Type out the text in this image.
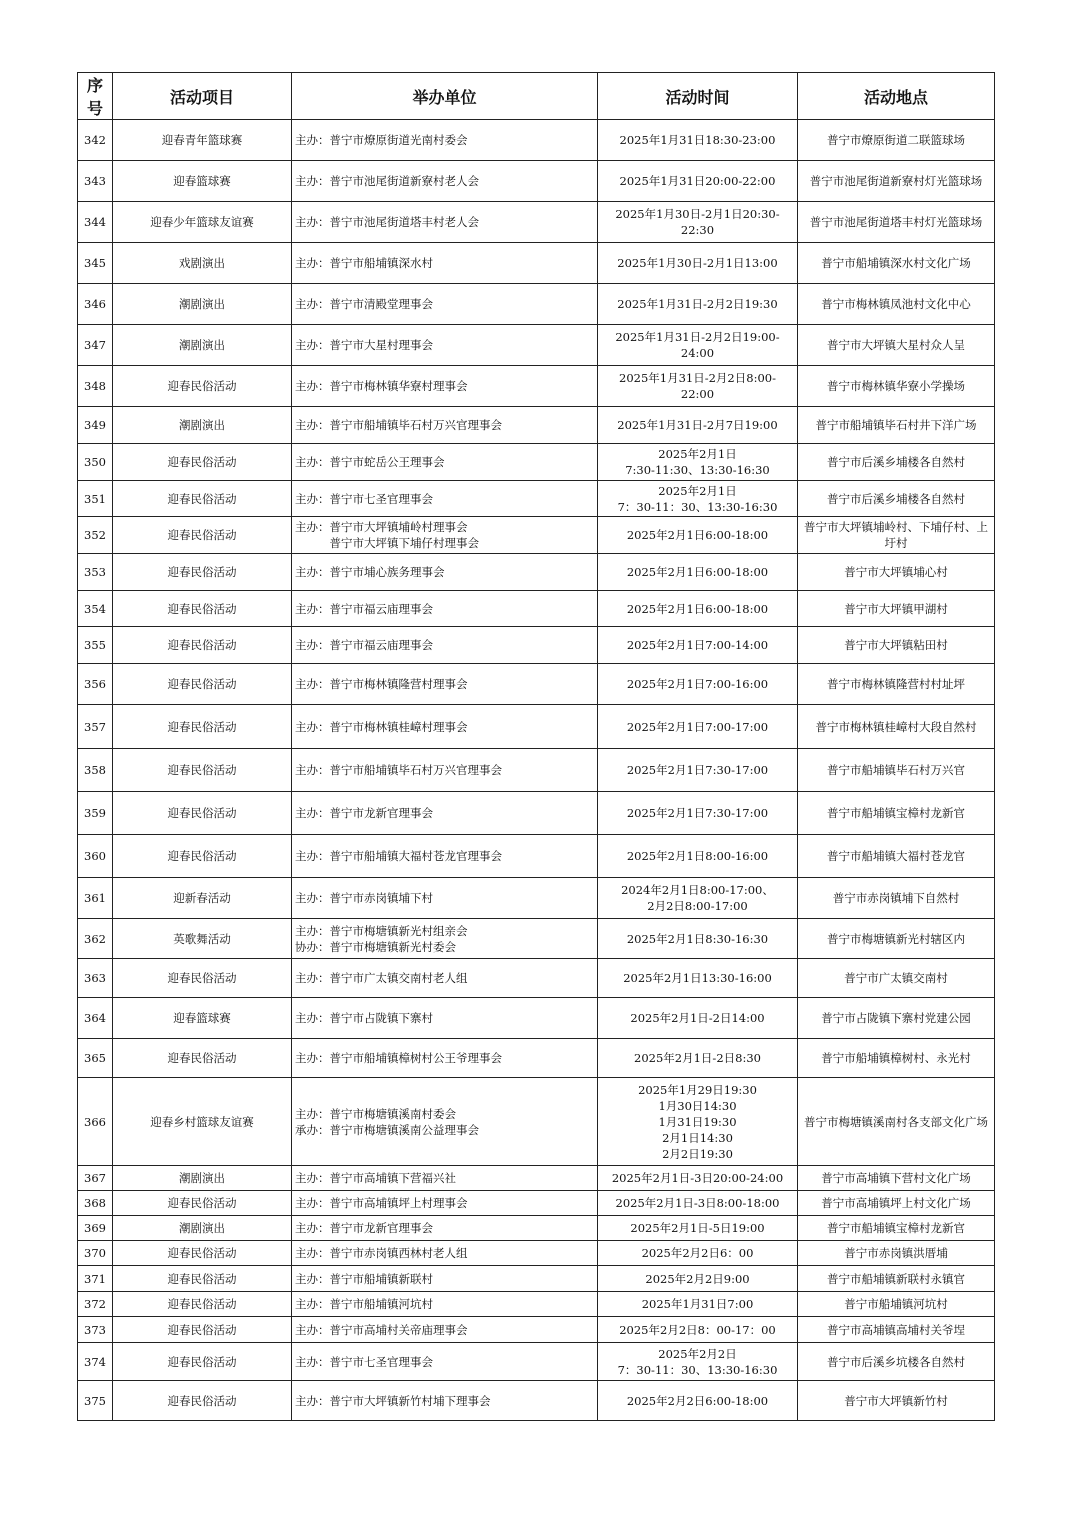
序号	活动项目	举办单位	活动时间	活动地点
342	迎春青年篮球赛	主办：普宁市燎原街道光南村委会	2025年1月31日18:30-23:00	普宁市燎原街道二联篮球场

343	迎春篮球赛	主办：普宁市池尾街道新寮村老人会	2025年1月31日20:00-22:00	普宁市池尾街道新寮村灯光篮球场

344	迎春少年篮球友谊赛	主办：普宁市池尾街道塔丰村老人会	2025年1月30日-2月1日20:30-
22:30	普宁市池尾街道塔丰村灯光篮球场

345	戏剧演出	主办：普宁市船埔镇深水村	2025年1月30日-2月1日13:00	普宁市船埔镇深水村文化广场

346	潮剧演出	主办：普宁市清殿堂理事会	2025年1月31日-2月2日19:30	普宁市梅林镇凤池村文化中心

347	潮剧演出	主办：普宁市大星村理事会	2025年1月31日-2月2日19:00-
24:00	普宁市大坪镇大星村众人呈

348	迎春民俗活动	主办：普宁市梅林镇华寮村理事会	2025年1月31日-2月2日8:00-
22:00	普宁市梅林镇华寮小学操场

349	潮剧演出	主办：普宁市船埔镇毕石村万兴官理事会	2025年1月31日-2月7日19:00	普宁市船埔镇毕石村井下洋广场

350	迎春民俗活动	主办：普宁市蛇岳公王理事会	2025年2月1日
7:30-11:30、13:30-16:30	普宁市后溪乡埔楼各自然村

351	迎春民俗活动	主办：普宁市七圣官理事会	2025年2月1日
7：30-11：30、13:30-16:30	普宁市后溪乡埔楼各自然村

352	迎春民俗活动	主办：普宁市大坪镇埔岭村理事会
　　　普宁市大坪镇下埔仔村理事会	2025年2月1日6:00-18:00	普宁市大坪镇埔岭村、下埔仔村、上圩村

353	迎春民俗活动	主办：普宁市埔心族务理事会	2025年2月1日6:00-18:00	普宁市大坪镇埔心村

354	迎春民俗活动	主办：普宁市福云庙理事会	2025年2月1日6:00-18:00	普宁市大坪镇甲湖村

355	迎春民俗活动	主办：普宁市福云庙理事会	2025年2月1日7:00-14:00	普宁市大坪镇粘田村

356	迎春民俗活动	主办：普宁市梅林镇隆营村理事会	2025年2月1日7:00-16:00	普宁市梅林镇隆营村村址坪

357	迎春民俗活动	主办：普宁市梅林镇桂嶂村理事会	2025年2月1日7:00-17:00	普宁市梅林镇桂嶂村大段自然村

358	迎春民俗活动	主办：普宁市船埔镇毕石村万兴官理事会	2025年2月1日7:30-17:00	普宁市船埔镇毕石村万兴官

359	迎春民俗活动	主办：普宁市龙新官理事会	2025年2月1日7:30-17:00	普宁市船埔镇宝樟村龙新官

360	迎春民俗活动	主办：普宁市船埔镇大福村苍龙官理事会	2025年2月1日8:00-16:00	普宁市船埔镇大福村苍龙官

361	迎新春活动	主办：普宁市赤岗镇埔下村	2024年2月1日8:00-17:00、
2月2日8:00-17:00	普宁市赤岗镇埔下自然村

362	英歌舞活动	主办：普宁市梅塘镇新光村组亲会
协办：普宁市梅塘镇新光村委会	2025年2月1日8:30-16:30	普宁市梅塘镇新光村辖区内

363	迎春民俗活动	主办：普宁市广太镇交南村老人组	2025年2月1日13:30-16:00	普宁市广太镇交南村

364	迎春篮球赛	主办：普宁市占陇镇下寨村	2025年2月1日-2日14:00	普宁市占陇镇下寨村党建公园

365	迎春民俗活动	主办：普宁市船埔镇樟树村公王爷理事会	2025年2月1日-2日8:30	普宁市船埔镇樟树村、永光村

366	迎春乡村篮球友谊赛	主办：普宁市梅塘镇溪南村委会
承办：普宁市梅塘镇溪南公益理事会	2025年1月29日19:30
1月30日14:30
1月31日19:30
2月1日14:30
2月2日19:30	普宁市梅塘镇溪南村各支部文化广场

367	潮剧演出	主办：普宁市高埔镇下营福兴社	2025年2月1日-3日20:00-24:00	普宁市高埔镇下营村文化广场

368	迎春民俗活动	主办：普宁市高埔镇坪上村理事会	2025年2月1日-3日8:00-18:00	普宁市高埔镇坪上村文化广场

369	潮剧演出	主办：普宁市龙新官理事会	2025年2月1日-5日19:00	普宁市船埔镇宝樟村龙新官

370	迎春民俗活动	主办：普宁市赤岗镇西林村老人组	2025年2月2日6：00	普宁市赤岗镇洪厝埔

371	迎春民俗活动	主办：普宁市船埔镇新联村	2025年2月2日9:00	普宁市船埔镇新联村永镇官

372	迎春民俗活动	主办：普宁市船埔镇河坑村	2025年1月31日7:00	普宁市船埔镇河坑村

373	迎春民俗活动	主办：普宁市高埔村关帝庙理事会	2025年2月2日8：00-17：00	普宁市高埔镇高埔村关爷埕

374	迎春民俗活动	主办：普宁市七圣官理事会	2025年2月2日
7：30-11：30、13:30-16:30	普宁市后溪乡坑楼各自然村

375	迎春民俗活动	主办：普宁市大坪镇新竹村埔下理事会	2025年2月2日6:00-18:00	普宁市大坪镇新竹村
